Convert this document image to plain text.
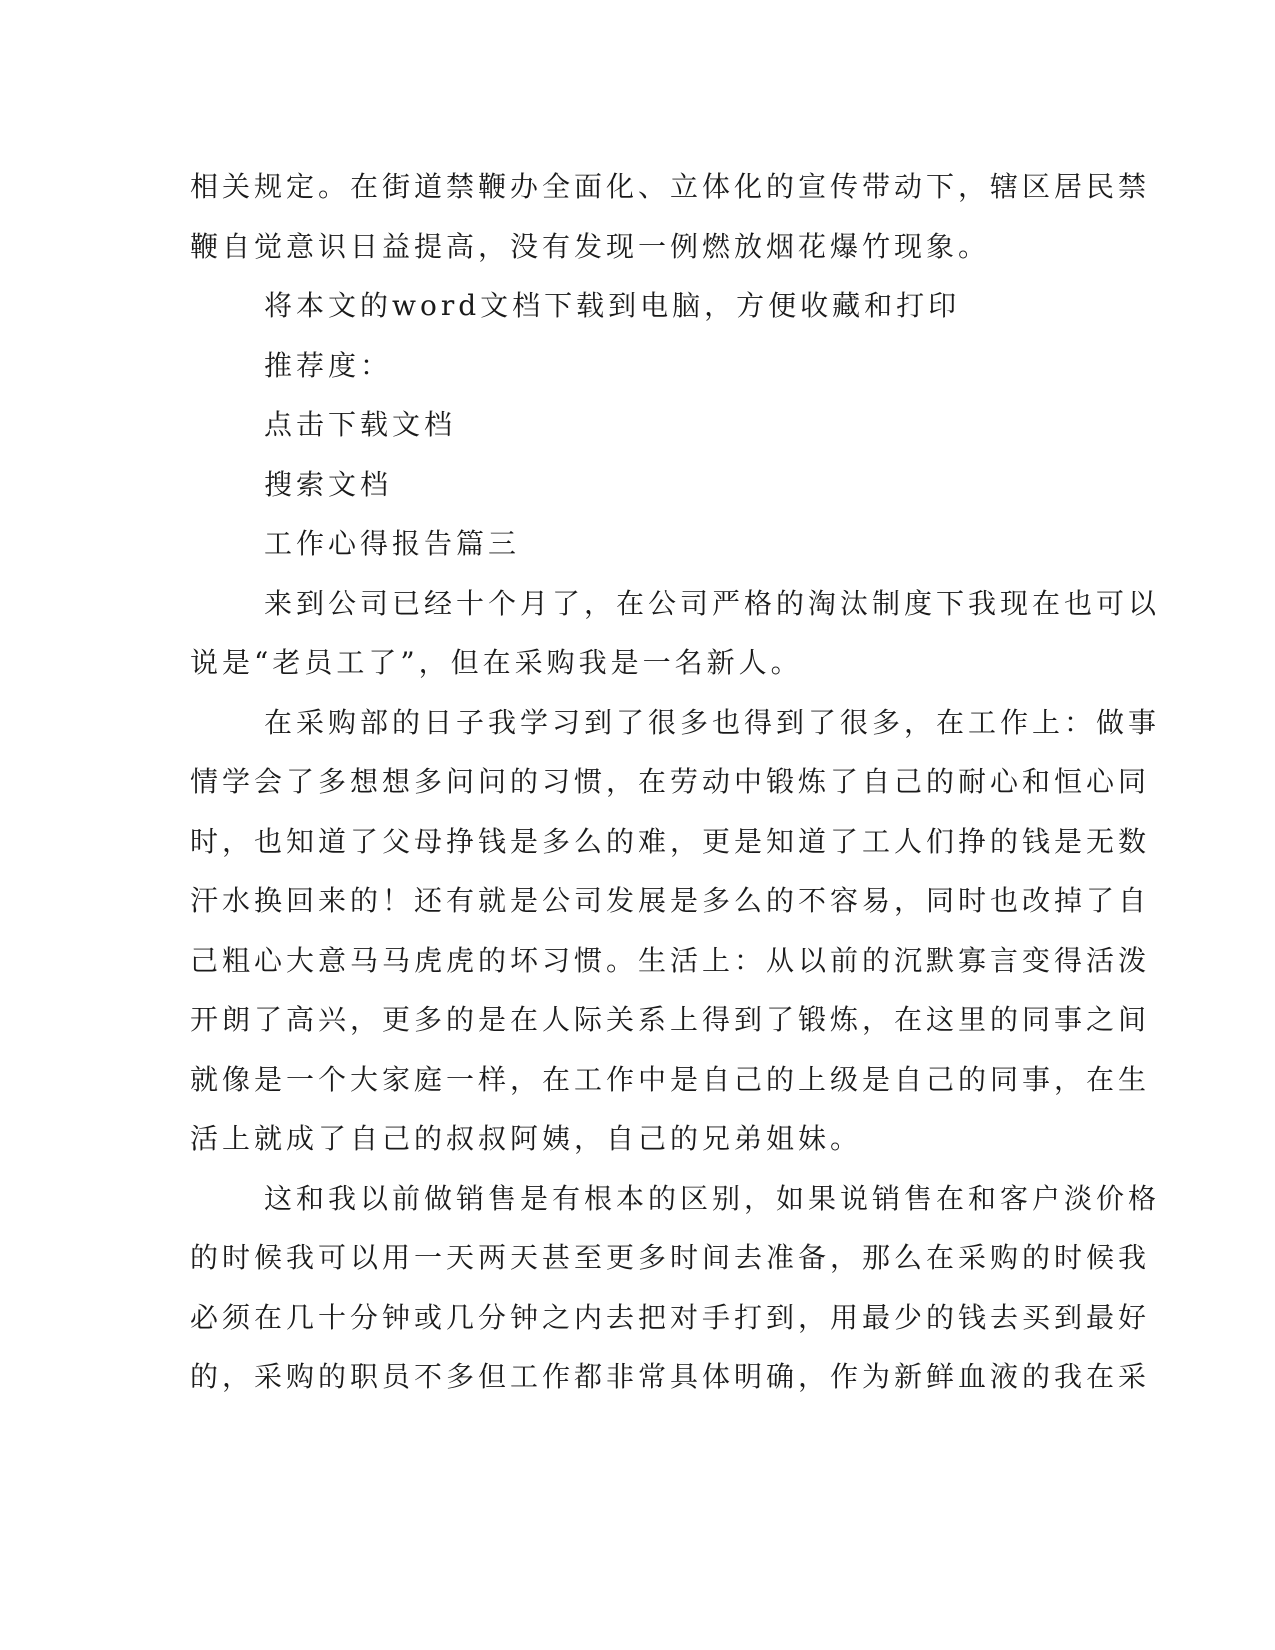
相关规定。在街道禁鞭办全面化、立体化的宣传带动下，辖区居民禁
鞭自觉意识日益提高，没有发现一例燃放烟花爆竹现象。
将本文的word文档下载到电脑，方便收藏和打印
推荐度：
点击下载文档
搜索文档
工作心得报告篇三
来到公司已经十个月了，在公司严格的淘汰制度下我现在也可以
说是“老员工了”，但在采购我是一名新人。
在采购部的日子我学习到了很多也得到了很多，在工作上：做事
情学会了多想想多问问的习惯，在劳动中锻炼了自己的耐心和恒心同
时，也知道了父母挣钱是多么的难，更是知道了工人们挣的钱是无数
汗水换回来的！还有就是公司发展是多么的不容易，同时也改掉了自
己粗心大意马马虎虎的坏习惯。生活上：从以前的沉默寡言变得活泼
开朗了高兴，更多的是在人际关系上得到了锻炼，在这里的同事之间
就像是一个大家庭一样，在工作中是自己的上级是自己的同事，在生
活上就成了自己的叔叔阿姨，自己的兄弟姐妹。
这和我以前做销售是有根本的区别，如果说销售在和客户淡价格
的时候我可以用一天两天甚至更多时间去准备，那么在采购的时候我
必须在几十分钟或几分钟之内去把对手打到，用最少的钱去买到最好
的，采购的职员不多但工作都非常具体明确，作为新鲜血液的我在采
